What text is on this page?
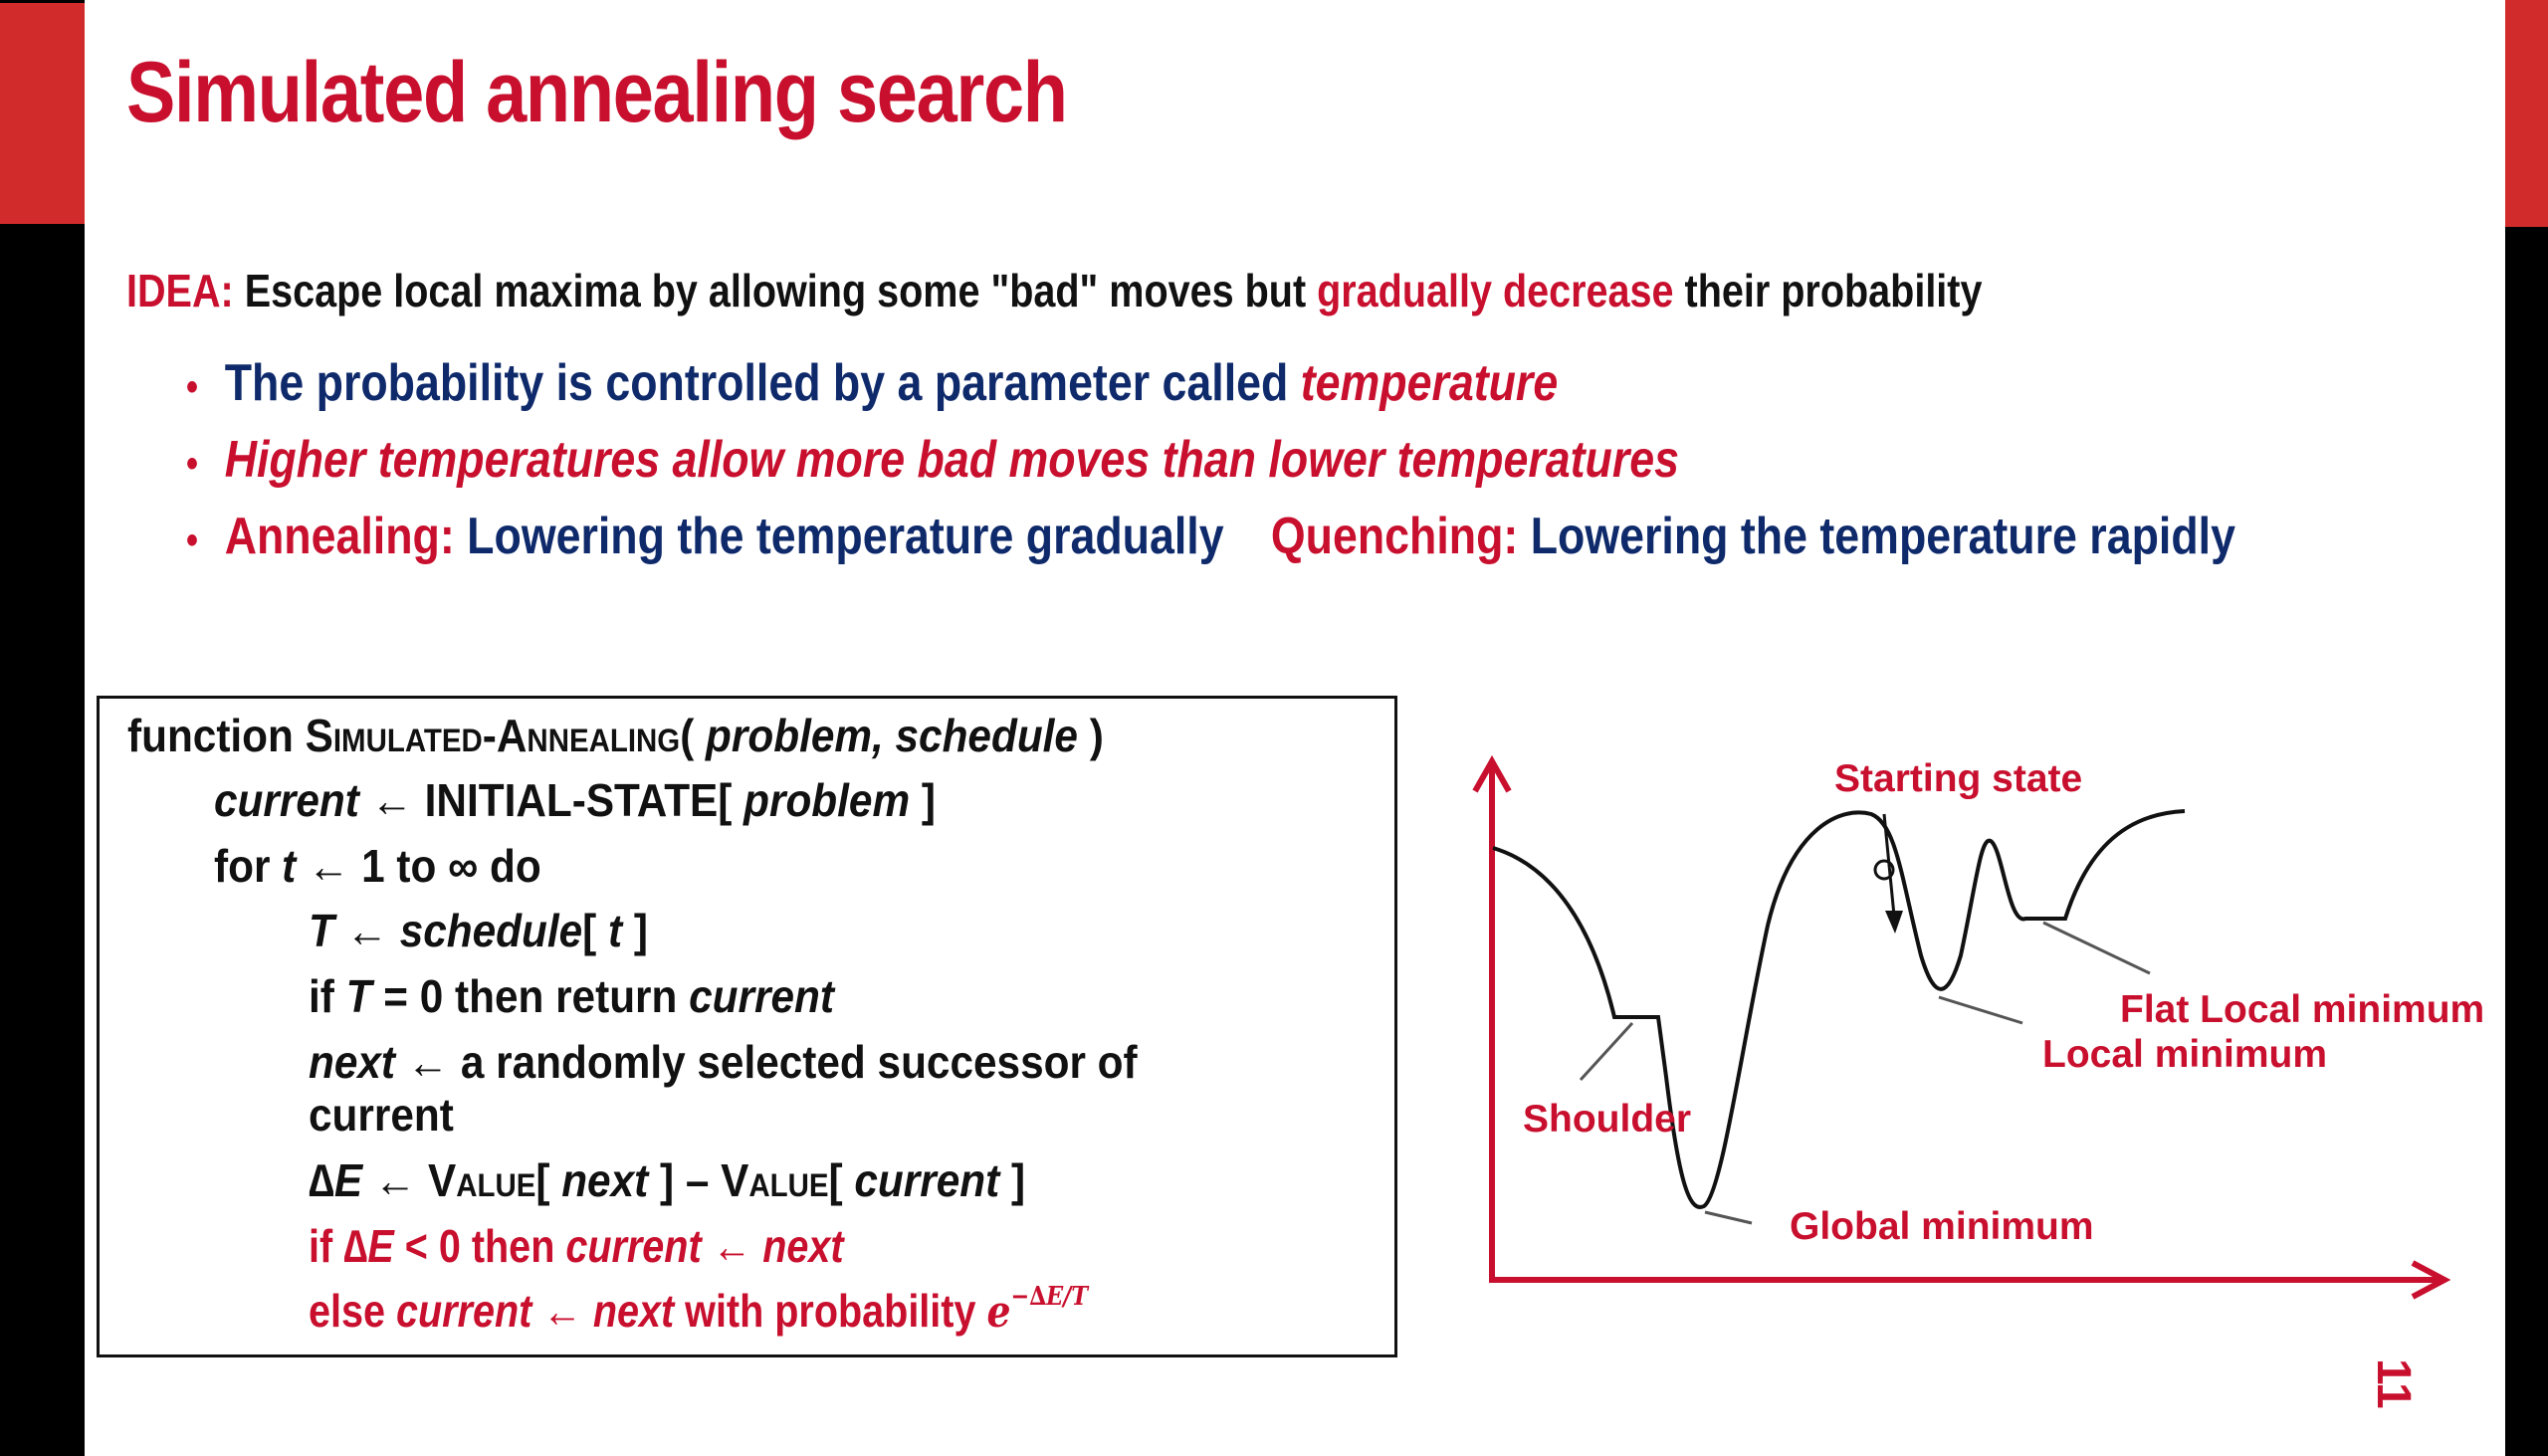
Simulated annealing search
IDEA: Escape local maxima by allowing some "bad" moves but gradually decrease their probability
• The probability is controlled by a parameter called temperature
• Higher temperatures allow more bad moves than lower temperatures
• Annealing: Lowering the temperature gradually Quenching: Lowering the temperature rapidly
function Simulated-Annealing( problem, schedule )
current ← INITIAL-STATE[ problem ]
for t ← 1 to ∞ do
T ← schedule[ t ]
if T = 0 then return current
next ← a randomly selected successor of
current
∆E ← Value[ next ] – Value[ current ]
if ∆E < 0 then current ← next
else current ← next with probability $e^{-\Delta E/T}$
Starting state
Flat Local minimum
Local minimum
Shoulder
Global minimum
11
